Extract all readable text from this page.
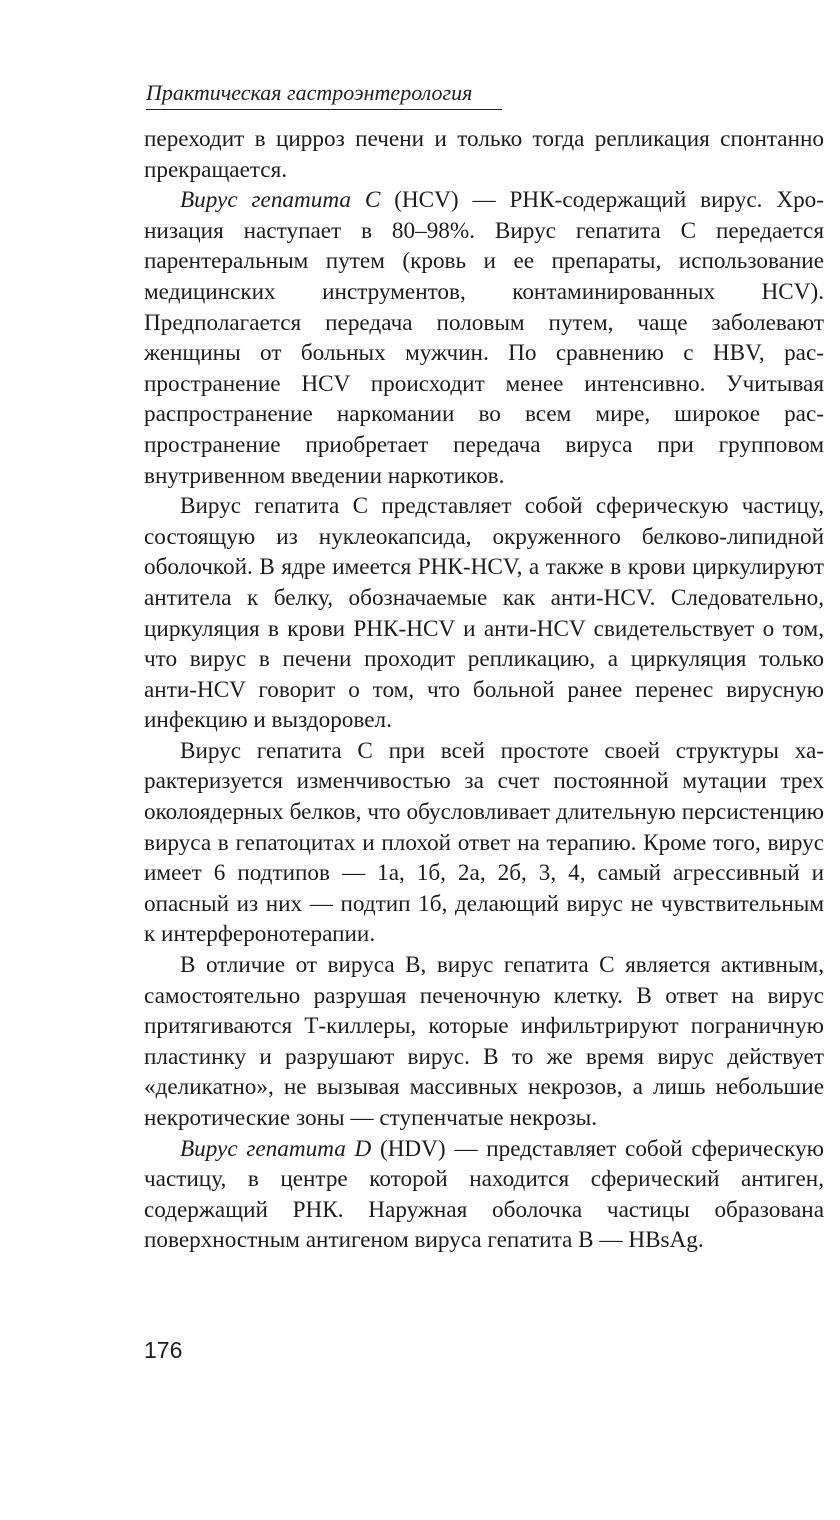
Практическая гастроэнтерология

переходит в цирроз печени и только тогда репликация спонтанно прекращается.

Вирус гепатита C (HCV) — РНК-содержащий вирус. Хронизация наступает в 80–98%. Вирус гепатита С передается парентеральным путем (кровь и ее препараты, использование медицинских инструментов, контаминированных HCV). Предполагается передача половым путем, чаще заболевают женщины от больных мужчин. По сравнению с HBV, распространение HCV происходит менее интенсивно. Учитывая распространение наркомании во всем мире, широкое распространение приобретает передача вируса при групповом внутривенном введении наркотиков.

Вирус гепатита С представляет собой сферическую частицу, состоящую из нуклеокапсида, окруженного белково-липидной оболочкой. В ядре имеется РНК-HCV, а также в крови циркулируют антитела к белку, обозначаемые как анти-HCV. Следовательно, циркуляция в крови РНК-HCV и анти-HCV свидетельствует о том, что вирус в печени проходит репликацию, а циркуляция только анти-HCV говорит о том, что больной ранее перенес вирусную инфекцию и выздоровел.

Вирус гепатита С при всей простоте своей структуры характеризуется изменчивостью за счет постоянной мутации трех околоядерных белков, что обусловливает длительную персистенцию вируса в гепатоцитах и плохой ответ на терапию. Кроме того, вирус имеет 6 подтипов — 1а, 1б, 2а, 2б, 3, 4, самый агрессивный и опасный из них — подтип 1б, делающий вирус не чувствительным к интерферонотерапии.

В отличие от вируса В, вирус гепатита С является активным, самостоятельно разрушая печеночную клетку. В ответ на вирус притягиваются Т-киллеры, которые инфильтрируют пограничную пластинку и разрушают вирус. В то же время вирус действует «деликатно», не вызывая массивных некрозов, а лишь небольшие некротические зоны — ступенчатые некрозы.

Вирус гепатита D (HDV) — представляет собой сферическую частицу, в центре которой находится сферический антиген, содержащий РНК. Наружная оболочка частицы образована поверхностным антигеном вируса гепатита В — HBsAg.

176
